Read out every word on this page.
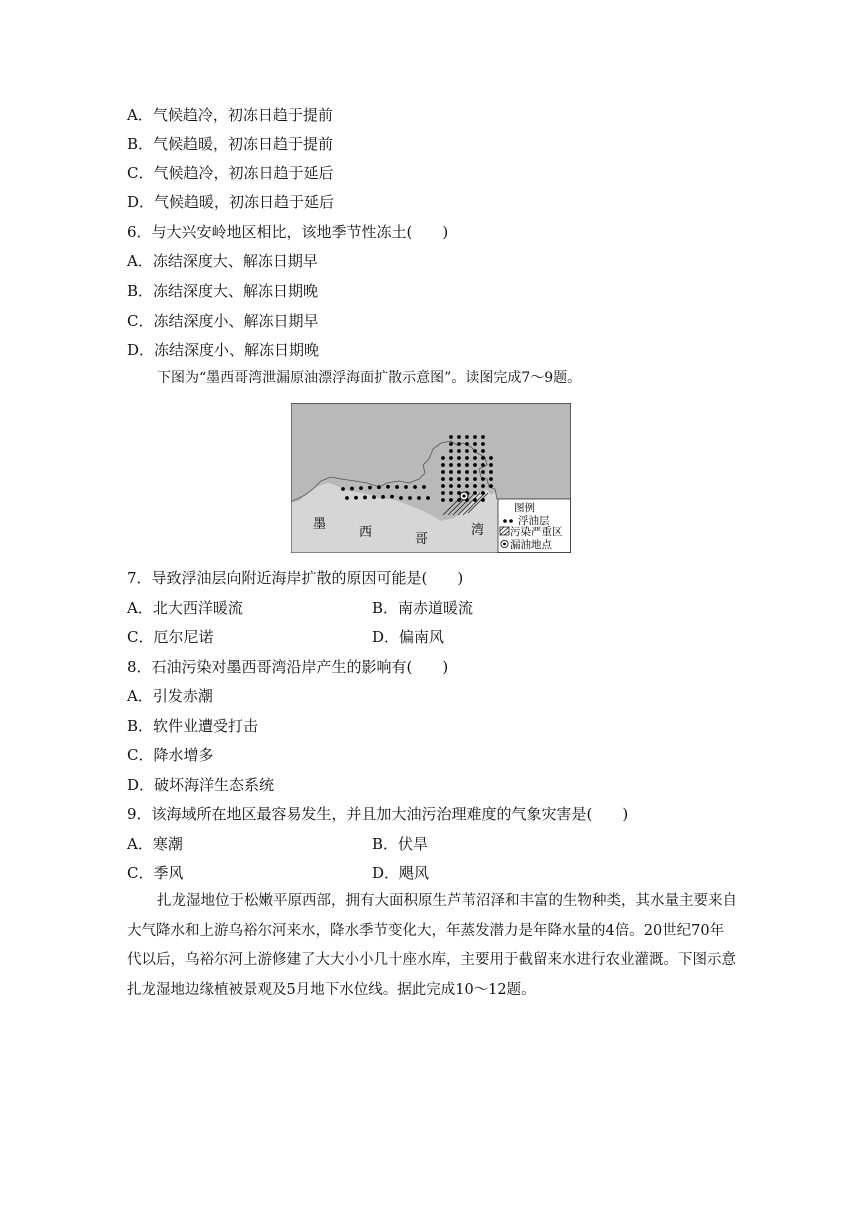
A．气候趋冷，初冻日趋于提前
B．气候趋暖，初冻日趋于提前
C．气候趋冷，初冻日趋于延后
D．气候趋暖，初冻日趋于延后
6．与大兴安岭地区相比，该地季节性冻土(　　)
A．冻结深度大、解冻日期早
B．冻结深度大、解冻日期晚
C．冻结深度小、解冻日期早
D．冻结深度小、解冻日期晚
下图为“墨西哥湾泄漏原油漂浮海面扩散示意图”。读图完成7～9题。
墨
西	哥
湾
图例
浮油层
污染严重区
漏油地点
7．导致浮油层向附近海岸扩散的原因可能是(　　)
A．北大西洋暖流	B．南赤道暖流
C．厄尔尼诺	D．偏南风
8．石油污染对墨西哥湾沿岸产生的影响有(　　)
A．引发赤潮
B．软件业遭受打击
C．降水增多
D．破坏海洋生态系统
9．该海域所在地区最容易发生，并且加大油污治理难度的气象灾害是(　　)
A．寒潮	B．伏旱
C．季风	D．飓风
扎龙湿地位于松嫩平原西部，拥有大面积原生芦苇沼泽和丰富的生物种类，其水量主要来自大气降水和上游乌裕尔河来水，降水季节变化大，年蒸发潜力是年降水量的4倍。20世纪70年代以后，乌裕尔河上游修建了大大小小几十座水库，主要用于截留来水进行农业灌溉。下图示意扎龙湿地边缘植被景观及5月地下水位线。据此完成10～12题。
